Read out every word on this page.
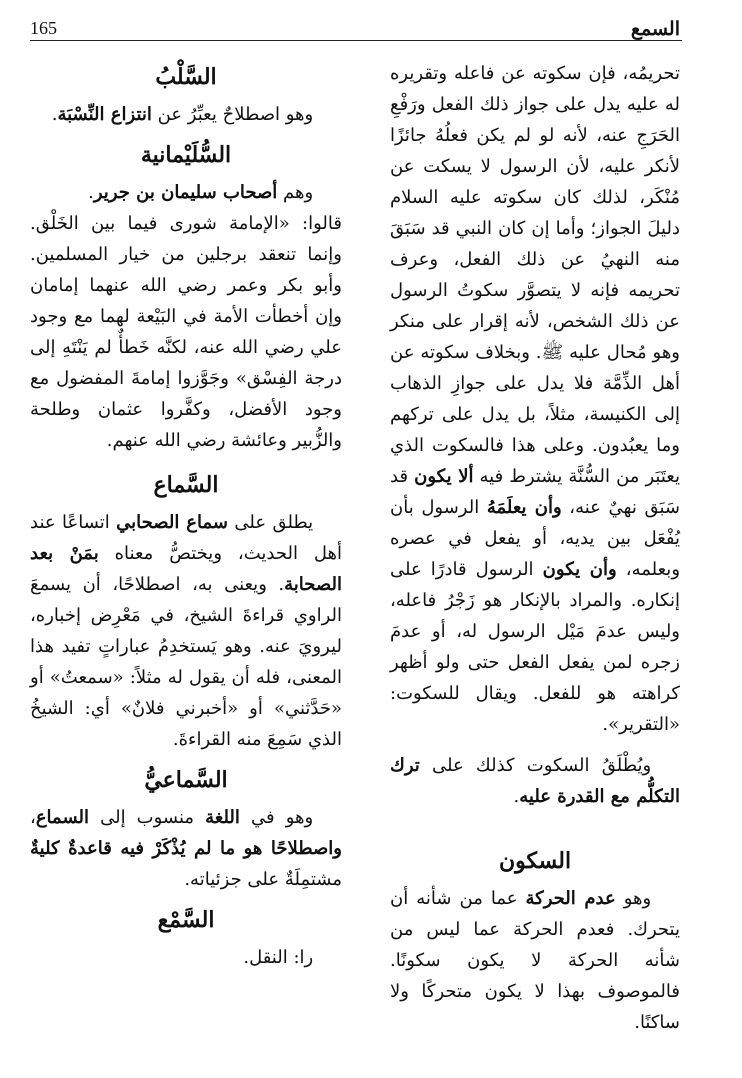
السمع
165

تحريمُه، فإن سكوته عن فاعله وتقريره له عليه يدل على جواز ذلك الفعل ورَفْعِ الحَرَجِ عنه، لأنه لو لم يكن فعلُهُ جائزًا لأنكر عليه، لأن الرسول لا يسكت عن مُنْكَر، لذلك كان سكوته عليه السلام دليلَ الجواز؛ وأما إن كان النبي قد سَبَقَ منه النهيُ عن ذلك الفعل، وعرف تحريمه فإنه لا يتصوَّر سكوتُ الرسول عن ذلك الشخص، لأنه إقرار على منكر وهو مُحال عليه ﷺ. وبخلاف سكوته عن أهل الذِّمَّة فلا يدل على جوازِ الذهاب إلى الكنيسة، مثلاً، بل يدل على تركهم وما يعبُدون. وعلى هذا فالسكوت الذي يعتَبَر من السُّنَّة يشترط فيه ألا يكون قد سَبَق نهيٌ عنه، وأن يعلَمَهُ الرسول بأن يُفْعَل بين يديه، أو يفعل في عصره وبعلمه، وأن يكون الرسول قادرًا على إنكاره. والمراد بالإنكار هو زَجْرُ فاعله، وليس عدمَ مَيْل الرسول له، أو عدمَ زجره لمن يفعل الفعل حتى ولو أظهر كراهته هو للفعل. ويقال للسكوت: «التقرير».

ويُطْلَقُ السكوت كذلك على ترك التكلُّم مع القدرة عليه.

السكون

وهو عدم الحركة عما من شأنه أن يتحرك. فعدم الحركة عما ليس من شأنه الحركة لا يكون سكونًا. فالموصوف بهذا لا يكون متحركًا ولا ساكنًا.

السَّلْبُ

وهو اصطلاحٌ يعبِّرُ عن انتزاع النِّسْبَة.

السُّلَيْمانية

وهم أصحاب سليمان بن جرير.

قالوا: «الإمامة شورى فيما بين الخَلْق. وإنما تنعقد برجلين من خيار المسلمين. وأبو بكر وعمر رضي الله عنهما إمامان وإن أخطأت الأمة في البَيْعة لهما مع وجود علي رضي الله عنه، لكنَّه خَطأٌ لم يَنْتَهِ إلى درجة الفِسْق» وجَوَّزوا إمامةَ المفضول مع وجود الأفضل، وكفَّروا عثمان وطلحة والزُّبير وعائشة رضي الله عنهم.

السَّماع

يطلق على سماع الصحابي اتساعًا عند أهل الحديث، ويختصُّ معناه بمَنْ بعد الصحابة. ويعنى به، اصطلاحًا، أن يسمعَ الراوي قراءةَ الشيخ، في مَعْرِض إخباره، ليرويَ عنه. وهو يَستخدِمُ عباراتٍ تفيد هذا المعنى، فله أن يقول له مثلاً: «سمعتُ» أو «حَدَّثني» أو «أخبرني فلانٌ» أي: الشيخُ الذي سَمِعَ منه القراءةَ.

السَّماعيُّ

وهو في اللغة منسوب إلى السماع، واصطلاحًا هو ما لم يُذْكَرْ فيه قاعدةٌ كليةٌ مشتمِلَةٌ على جزئياته.

السَّمْع

را: النقل.
